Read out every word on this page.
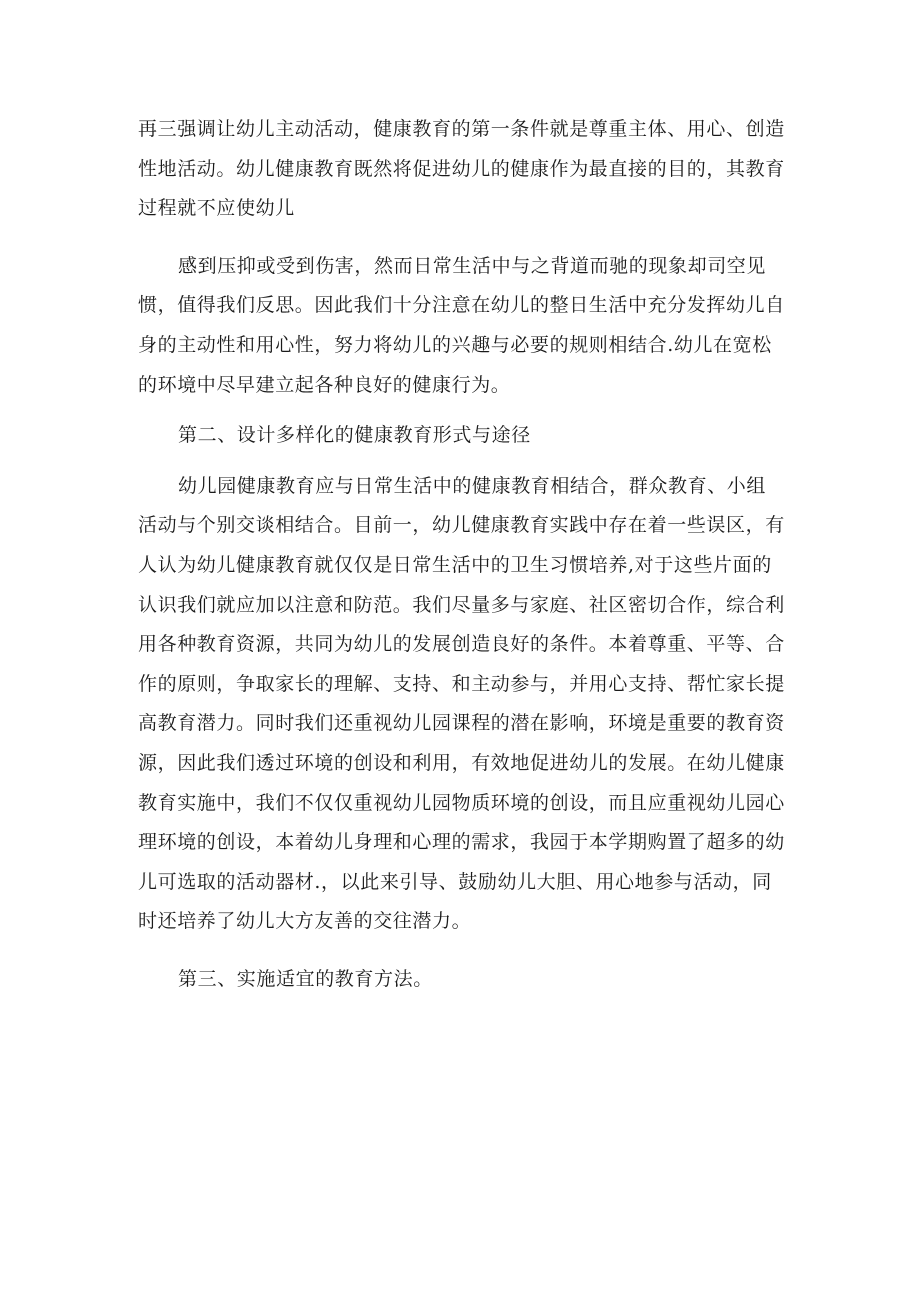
再三强调让幼儿主动活动，健康教育的第一条件就是尊重主体、用心、创造
性地活动。幼儿健康教育既然将促进幼儿的健康作为最直接的目的，其教育
过程就不应使幼儿

感到压抑或受到伤害，然而日常生活中与之背道而驰的现象却司空见
惯，值得我们反思。因此我们十分注意在幼儿的整日生活中充分发挥幼儿自
身的主动性和用心性，努力将幼儿的兴趣与必要的规则相结合.幼儿在宽松
的环境中尽早建立起各种良好的健康行为。

第二、设计多样化的健康教育形式与途径

幼儿园健康教育应与日常生活中的健康教育相结合，群众教育、小组
活动与个别交谈相结合。目前一，幼儿健康教育实践中存在着一些误区，有
人认为幼儿健康教育就仅仅是日常生活中的卫生习惯培养,对于这些片面的
认识我们就应加以注意和防范。我们尽量多与家庭、社区密切合作，综合利
用各种教育资源，共同为幼儿的发展创造良好的条件。本着尊重、平等、合
作的原则，争取家长的理解、支持、和主动参与，并用心支持、帮忙家长提
高教育潜力。同时我们还重视幼儿园课程的潜在影响，环境是重要的教育资
源，因此我们透过环境的创设和利用，有效地促进幼儿的发展。在幼儿健康
教育实施中，我们不仅仅重视幼儿园物质环境的创设，而且应重视幼儿园心
理环境的创设，本着幼儿身理和心理的需求，我园于本学期购置了超多的幼
儿可选取的活动器材.，以此来引导、鼓励幼儿大胆、用心地参与活动，同
时还培养了幼儿大方友善的交往潜力。

第三、实施适宜的教育方法。
